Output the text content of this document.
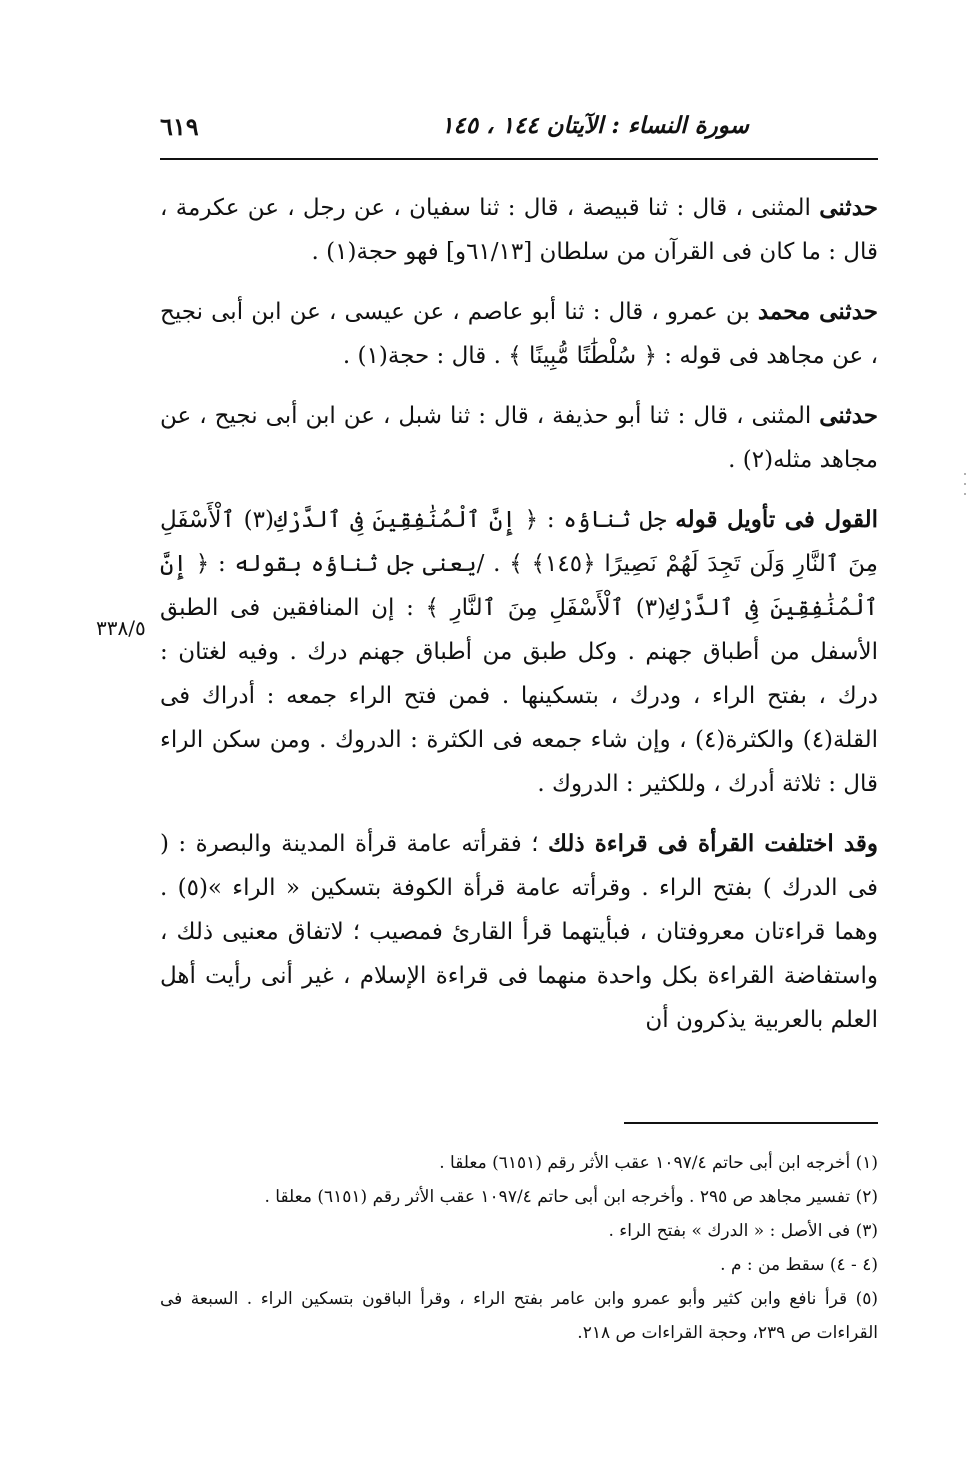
٦١٩	سورة النساء : الآيتان ١٤٤ ، ١٤٥
٣٣٨/٥

حدثنى المثنى ، قال : ثنا قبيصة ، قال : ثنا سفيان ، عن رجل ، عن عكرمة ، قال : ما كان فى القرآن من سلطان [٦١/١٣و] فهو حجة(١) .

حدثنى محمد بن عمرو ، قال : ثنا أبو عاصم ، عن عيسى ، عن ابن أبى نجيح ، عن مجاهد فى قوله : ﴿ سُلْطَٰنًا مُّبِينًا ﴾ . قال : حجة(١) .

حدثنى المثنى ، قال : ثنا أبو حذيفة ، قال : ثنا شبل ، عن ابن أبى نجيح ، عن مجاهد مثله(٢) .

القول فى تأويل قوله جل ثناؤه : ﴿ إِنَّ ٱلْمُنَٰفِقِينَ فِى ٱلدَّرْكِ(٣) ٱلْأَسْفَلِ مِنَ ٱلنَّارِ وَلَن تَجِدَ لَهُمْ نَصِيرًا ﴿١٤٥﴾ ﴾ . /يعنى جل ثناؤه بقوله : ﴿ إِنَّ ٱلْمُنَٰفِقِينَ فِى ٱلدَّرْكِ(٣) ٱلْأَسْفَلِ مِنَ ٱلنَّارِ ﴾ : إن المنافقين فى الطبق الأسفل من أطباق جهنم . وكل طبق من أطباق جهنم درك . وفيه لغتان : درك ، بفتح الراء ، ودرك ، بتسكينها . فمن فتح الراء جمعه : أدراك فى القلة(٤) والكثرة(٤) ، وإن شاء جمعه فى الكثرة : الدروك . ومن سكن الراء قال : ثلاثة أدرك ، وللكثير : الدروك .

وقد اختلفت القرأة فى قراءة ذلك ؛ فقرأته عامة قرأة المدينة والبصرة : ( فى الدرك ) بفتح الراء . وقرأته عامة قرأة الكوفة بتسكين « الراء »(٥) . وهما قراءتان معروفتان ، فبأيتهما قرأ القارئ فمصيب ؛ لاتفاق معنيى ذلك ، واستفاضة القراءة بكل واحدة منهما فى قراءة الإسلام ، غير أنى رأيت أهل العلم بالعربية يذكرون أن

(١) أخرجه ابن أبى حاتم ١٠٩٧/٤ عقب الأثر رقم (٦١٥١) معلقا .

(٢) تفسير مجاهد ص ٢٩٥ . وأخرجه ابن أبى حاتم ١٠٩٧/٤ عقب الأثر رقم (٦١٥١) معلقا .

(٣) فى الأصل : « الدرك » بفتح الراء .

(٤ - ٤) سقط من : م .

(٥) قرأ نافع وابن كثير وأبو عمرو وابن عامر بفتح الراء ، وقرأ الباقون بتسكين الراء . السبعة فى القراءات ص ٢٣٩، وحجة القراءات ص ٢١٨.
